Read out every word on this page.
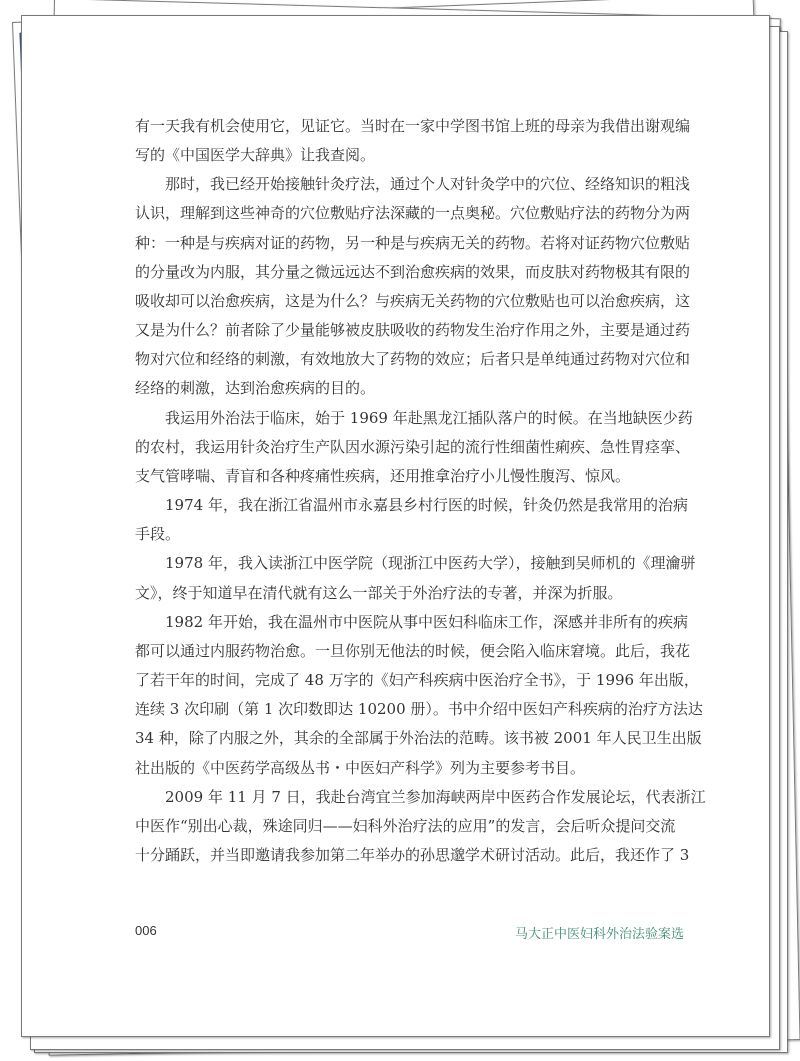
有一天我有机会使用它，见证它。当时在一家中学图书馆上班的母亲为我借出谢观编
写的《中国医学大辞典》让我查阅。
那时，我已经开始接触针灸疗法，通过个人对针灸学中的穴位、经络知识的粗浅
认识，理解到这些神奇的穴位敷贴疗法深藏的一点奥秘。穴位敷贴疗法的药物分为两
种：一种是与疾病对证的药物，另一种是与疾病无关的药物。若将对证药物穴位敷贴
的分量改为内服，其分量之微远远达不到治愈疾病的效果，而皮肤对药物极其有限的
吸收却可以治愈疾病，这是为什么？与疾病无关药物的穴位敷贴也可以治愈疾病，这
又是为什么？前者除了少量能够被皮肤吸收的药物发生治疗作用之外，主要是通过药
物对穴位和经络的刺激，有效地放大了药物的效应；后者只是单纯通过药物对穴位和
经络的刺激，达到治愈疾病的目的。
我运用外治法于临床，始于 1969 年赴黑龙江插队落户的时候。在当地缺医少药
的农村，我运用针灸治疗生产队因水源污染引起的流行性细菌性痢疾、急性胃痉挛、
支气管哮喘、青盲和各种疼痛性疾病，还用推拿治疗小儿慢性腹泻、惊风。
1974 年，我在浙江省温州市永嘉县乡村行医的时候，针灸仍然是我常用的治病
手段。
1978 年，我入读浙江中医学院（现浙江中医药大学），接触到吴师机的《理瀹骈
文》，终于知道早在清代就有这么一部关于外治疗法的专著，并深为折服。
1982 年开始，我在温州市中医院从事中医妇科临床工作，深感并非所有的疾病
都可以通过内服药物治愈。一旦你别无他法的时候，便会陷入临床窘境。此后，我花
了若干年的时间，完成了 48 万字的《妇产科疾病中医治疗全书》，于 1996 年出版，
连续 3 次印刷（第 1 次印数即达 10200 册）。书中介绍中医妇产科疾病的治疗方法达
34 种，除了内服之外，其余的全部属于外治法的范畴。该书被 2001 年人民卫生出版
社出版的《中医药学高级丛书・中医妇产科学》列为主要参考书目。
2009 年 11 月 7 日，我赴台湾宜兰参加海峡两岸中医药合作发展论坛，代表浙江
中医作“别出心裁，殊途同归——妇科外治疗法的应用”的发言，会后听众提问交流
十分踊跃，并当即邀请我参加第二年举办的孙思邈学术研讨活动。此后，我还作了 3
006	马大正中医妇科外治法验案选
